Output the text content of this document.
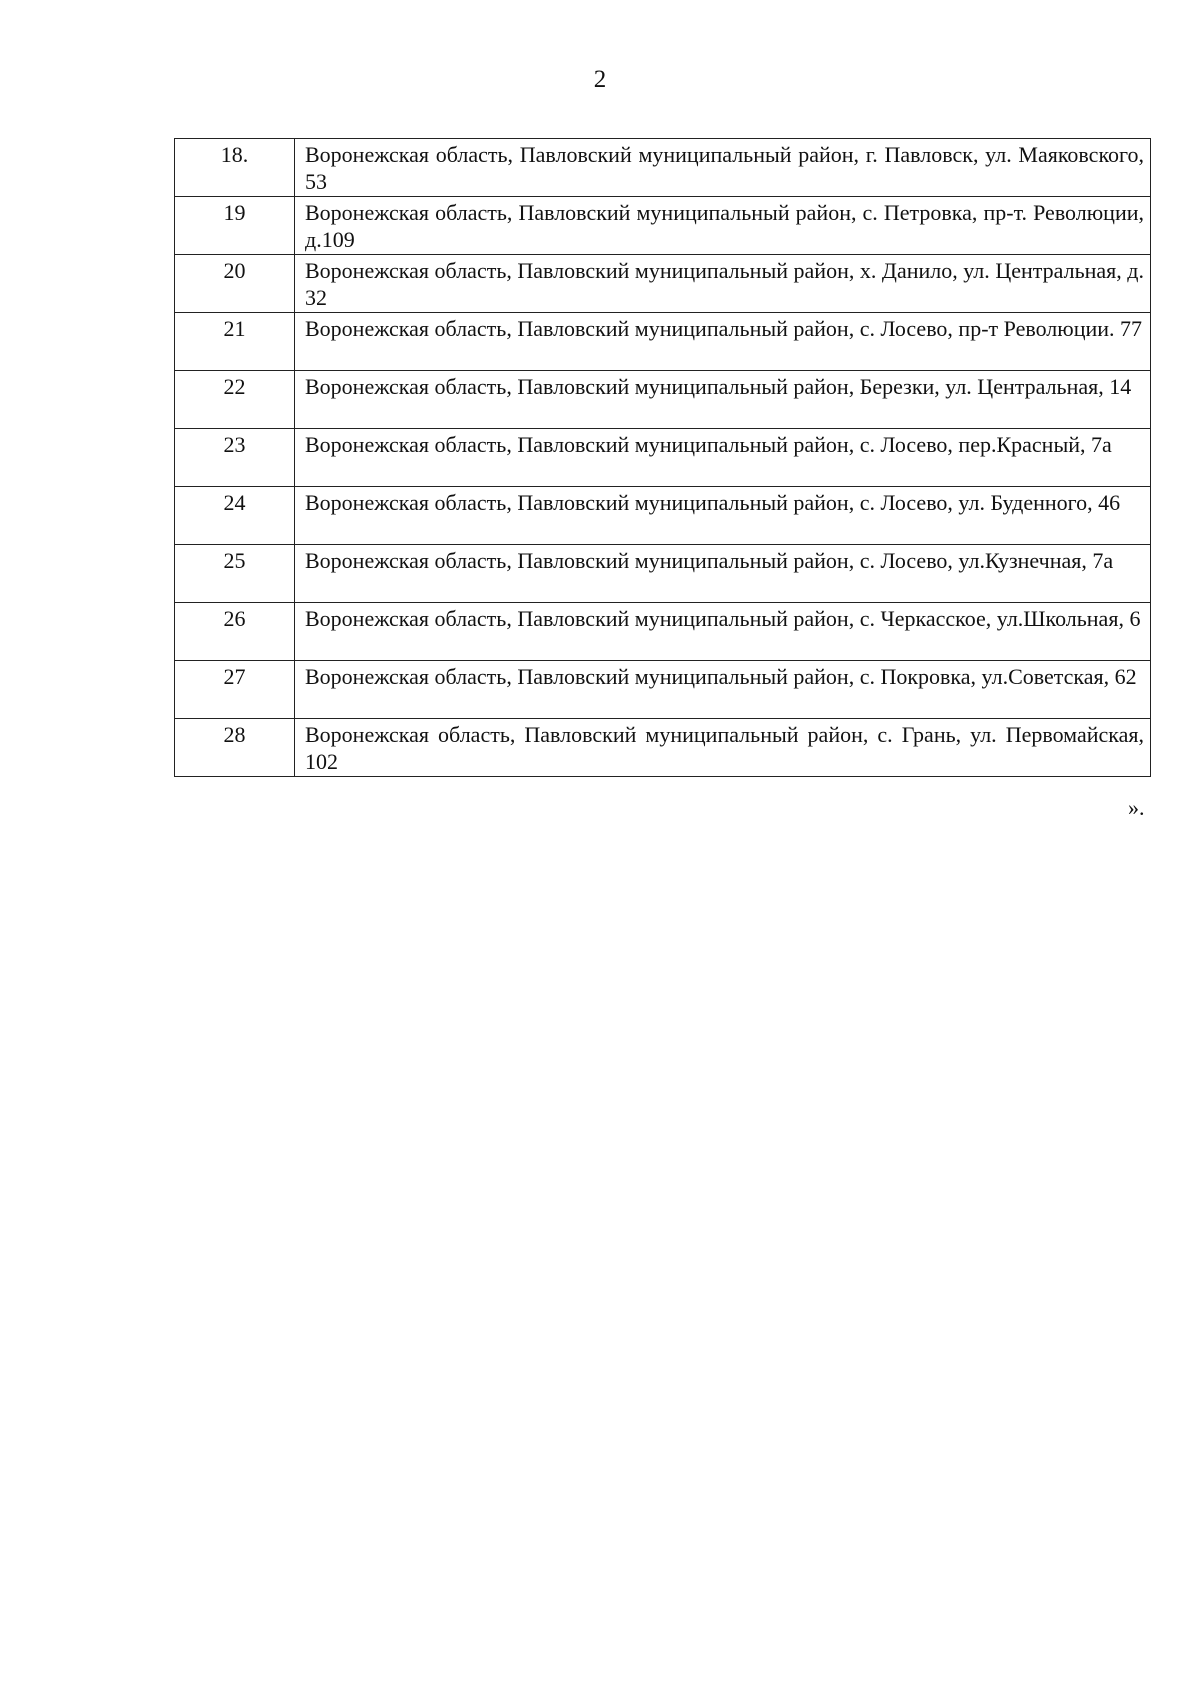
2
18.	Воронежская область, Павловский муниципальный район, г. Павловск, ул. Маяковского, 53
19	Воронежская область, Павловский муниципальный район, с. Петровка, пр-т. Революции, д.109
20	Воронежская область, Павловский муниципальный район, х. Данило, ул. Центральная, д. 32
21	Воронежская область, Павловский муниципальный район, с. Лосево, пр-т Революции. 77
22	Воронежская область, Павловский муниципальный район, Березки, ул. Центральная, 14
23	Воронежская область, Павловский муниципальный район, с. Лосево, пер.Красный, 7а
24	Воронежская область, Павловский муниципальный район, с. Лосево, ул. Буденного, 46
25	Воронежская область, Павловский муниципальный район, с. Лосево, ул.Кузнечная, 7а
26	Воронежская область, Павловский муниципальный район, с. Черкасское, ул.Школьная, 6
27	Воронежская область, Павловский муниципальный район, с. Покровка, ул.Советская, 62
28	Воронежская область, Павловский муниципальный район, с. Грань, ул. Первомайская, 102
».
